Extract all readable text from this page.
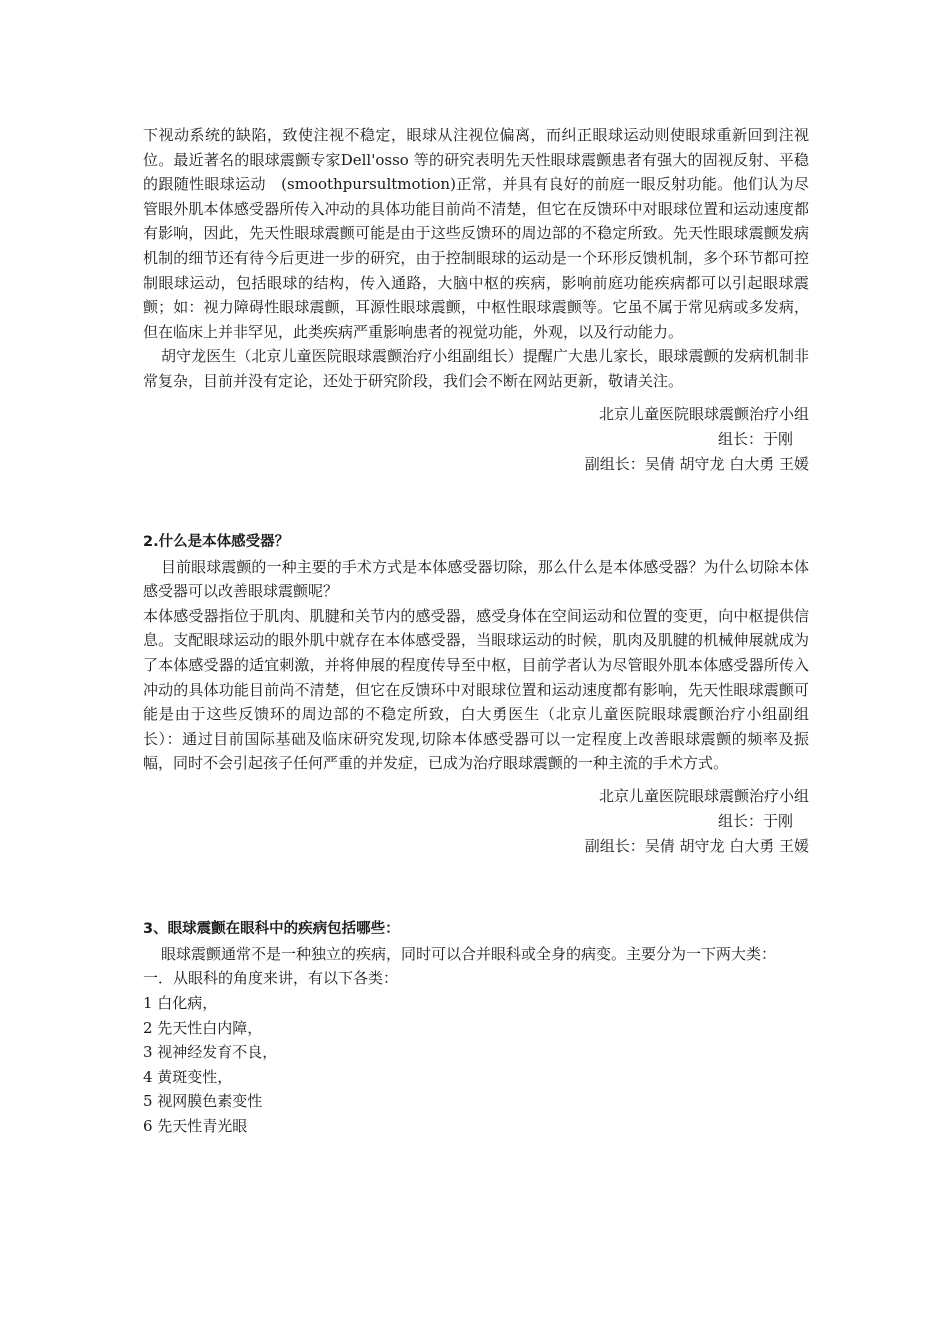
下视动系统的缺陷，致使注视不稳定，眼球从注视位偏离，而纠正眼球运动则使眼球重新回到注视位。最近著名的眼球震颤专家Dell'osso 等的研究表明先天性眼球震颤患者有强大的固视反射、平稳的跟随性眼球运动　(smoothpursultmotion)正常，并具有良好的前庭一眼反射功能。他们认为尽管眼外肌本体感受器所传入冲动的具体功能目前尚不清楚，但它在反馈环中对眼球位置和运动速度都有影响，因此，先天性眼球震颤可能是由于这些反馈环的周边部的不稳定所致。先天性眼球震颤发病机制的细节还有待今后更进一步的研究，由于控制眼球的运动是一个环形反馈机制，多个环节都可控制眼球运动，包括眼球的结构，传入通路，大脑中枢的疾病，影响前庭功能疾病都可以引起眼球震颤；如：视力障碍性眼球震颤，耳源性眼球震颤，中枢性眼球震颤等。它虽不属于常见病或多发病，但在临床上并非罕见，此类疾病严重影响患者的视觉功能，外观，以及行动能力。

胡守龙医生（北京儿童医院眼球震颤治疗小组副组长）提醒广大患儿家长，眼球震颤的发病机制非常复杂，目前并没有定论，还处于研究阶段，我们会不断在网站更新，敬请关注。

北京儿童医院眼球震颤治疗小组

组长：于刚

副组长：吴倩 胡守龙 白大勇 王媛

2.什么是本体感受器？

目前眼球震颤的一种主要的手术方式是本体感受器切除，那么什么是本体感受器？为什么切除本体感受器可以改善眼球震颤呢？

本体感受器指位于肌肉、肌腱和关节内的感受器，感受身体在空间运动和位置的变更，向中枢提供信息。支配眼球运动的眼外肌中就存在本体感受器，当眼球运动的时候，肌肉及肌腱的机械伸展就成为了本体感受器的适宜刺激，并将伸展的程度传导至中枢，目前学者认为尽管眼外肌本体感受器所传入冲动的具体功能目前尚不清楚，但它在反馈环中对眼球位置和运动速度都有影响，先天性眼球震颤可能是由于这些反馈环的周边部的不稳定所致，白大勇医生（北京儿童医院眼球震颤治疗小组副组长）：通过目前国际基础及临床研究发现,切除本体感受器可以一定程度上改善眼球震颤的频率及振幅，同时不会引起孩子任何严重的并发症，已成为治疗眼球震颤的一种主流的手术方式。

北京儿童医院眼球震颤治疗小组

组长：于刚

副组长：吴倩 胡守龙 白大勇 王媛

3、眼球震颤在眼科中的疾病包括哪些：

眼球震颤通常不是一种独立的疾病，同时可以合并眼科或全身的病变。主要分为一下两大类：

一．从眼科的角度来讲，有以下各类：

1 白化病，

2 先天性白内障，

3 视神经发育不良，

4 黄斑变性，

5 视网膜色素变性

6 先天性青光眼
